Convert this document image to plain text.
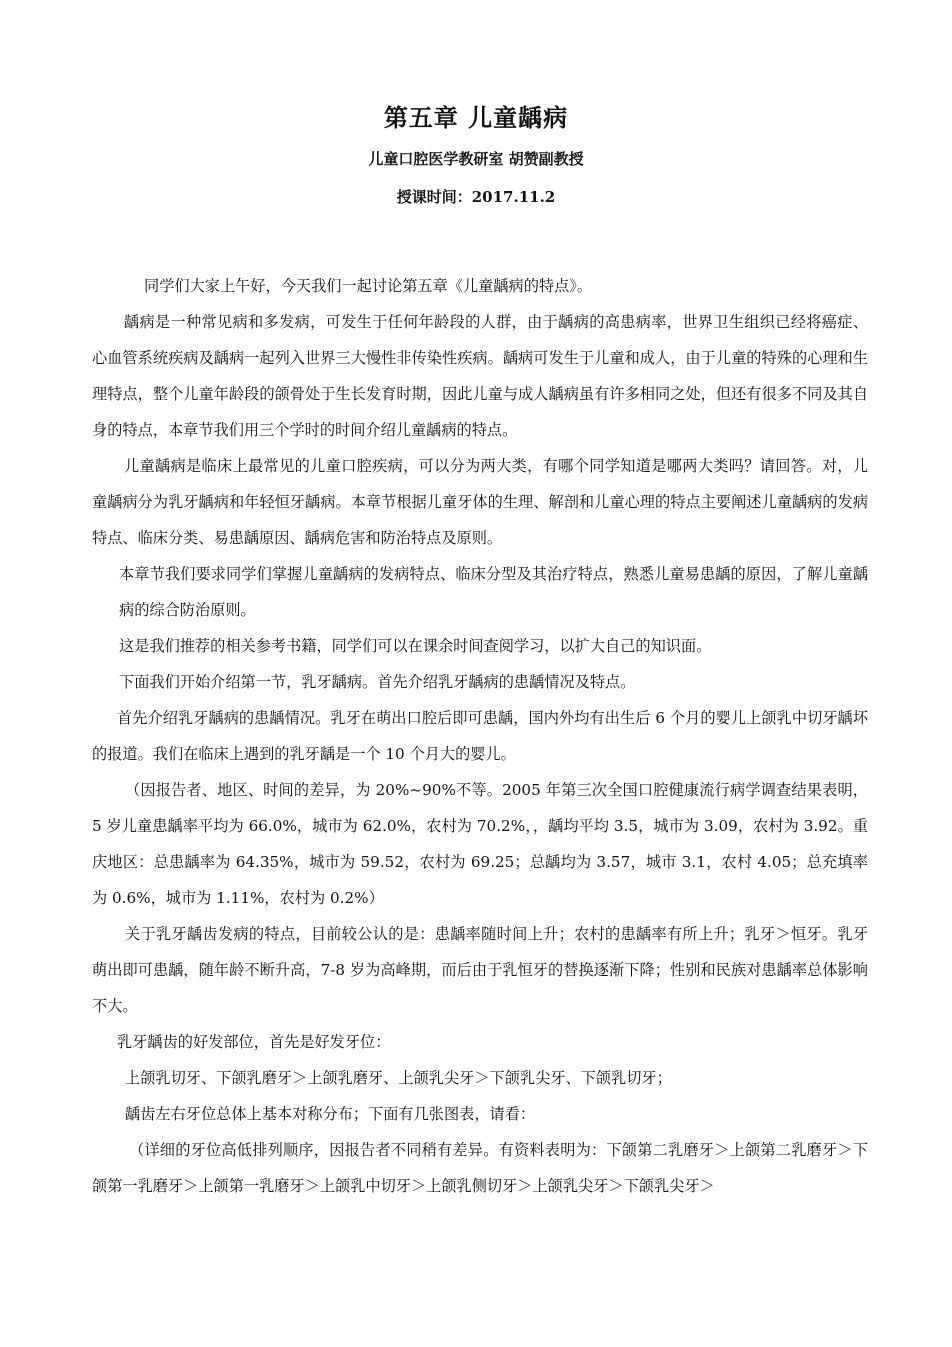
第五章 儿童龋病
儿童口腔医学教研室 胡赞副教授
授课时间：2017.11.2

同学们大家上午好，今天我们一起讨论第五章《儿童龋病的特点》。

龋病是一种常见病和多发病，可发生于任何年龄段的人群，由于龋病的高患病率，世界卫生组织已经将癌症、心血管系统疾病及龋病一起列入世界三大慢性非传染性疾病。龋病可发生于儿童和成人，由于儿童的特殊的心理和生理特点，整个儿童年龄段的颌骨处于生长发育时期，因此儿童与成人龋病虽有许多相同之处，但还有很多不同及其自身的特点，本章节我们用三个学时的时间介绍儿童龋病的特点。

儿童龋病是临床上最常见的儿童口腔疾病，可以分为两大类，有哪个同学知道是哪两大类吗？请回答。对，儿童龋病分为乳牙龋病和年轻恒牙龋病。本章节根据儿童牙体的生理、解剖和儿童心理的特点主要阐述儿童龋病的发病特点、临床分类、易患龋原因、龋病危害和防治特点及原则。

本章节我们要求同学们掌握儿童龋病的发病特点、临床分型及其治疗特点，熟悉儿童易患龋的原因，了解儿童龋病的综合防治原则。

这是我们推荐的相关参考书籍，同学们可以在课余时间查阅学习，以扩大自己的知识面。

下面我们开始介绍第一节，乳牙龋病。首先介绍乳牙龋病的患龋情况及特点。

首先介绍乳牙龋病的患龋情况。乳牙在萌出口腔后即可患龋，国内外均有出生后 6 个月的婴儿上颌乳中切牙龋坏的报道。我们在临床上遇到的乳牙龋是一个 10 个月大的婴儿。

（因报告者、地区、时间的差异，为 20%~90%不等。2005 年第三次全国口腔健康流行病学调查结果表明，5 岁儿童患龋率平均为 66.0%，城市为 62.0%，农村为 70.2%，，龋均平均 3.5，城市为 3.09，农村为 3.92。重庆地区：总患龋率为 64.35%，城市为 59.52，农村为 69.25；总龋均为 3.57，城市 3.1，农村 4.05；总充填率为 0.6%，城市为 1.11%，农村为 0.2%）

关于乳牙龋齿发病的特点，目前较公认的是：患龋率随时间上升；农村的患龋率有所上升；乳牙＞恒牙。乳牙萌出即可患龋，随年龄不断升高，7-8 岁为高峰期，而后由于乳恒牙的替换逐渐下降；性别和民族对患龋率总体影响不大。

乳牙龋齿的好发部位，首先是好发牙位：

上颌乳切牙、下颌乳磨牙＞上颌乳磨牙、上颌乳尖牙＞下颌乳尖牙、下颌乳切牙；

龋齿左右牙位总体上基本对称分布；下面有几张图表，请看：

（详细的牙位高低排列顺序，因报告者不同稍有差异。有资料表明为：下颌第二乳磨牙＞上颌第二乳磨牙＞下颌第一乳磨牙＞上颌第一乳磨牙＞上颌乳中切牙＞上颌乳侧切牙＞上颌乳尖牙＞下颌乳尖牙＞
